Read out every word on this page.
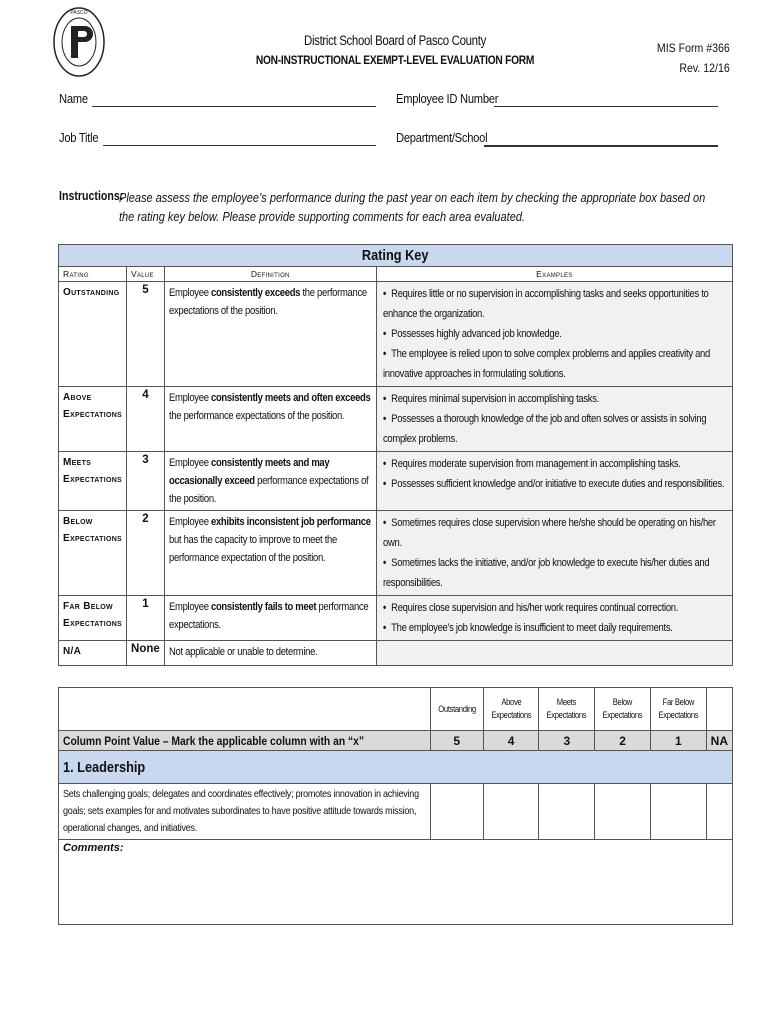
PASCO
District School Board of Pasco County
NON-INSTRUCTIONAL EXEMPT-LEVEL EVALUATION FORM
MIS Form #366
Rev. 12/16
Name	Employee ID Number
Job Title	Department/School
Instructions:
Please assess the employee’s performance during the past year on each item by checking the appropriate box based on the rating key below. Please provide supporting comments for each area evaluated.
Rating Key			
Rating	Value	Definition	Examples
Outstanding	5	Employee consistently exceeds the performance expectations of the position.	• Requires little or no supervision in accomplishing tasks and seeks opportunities to enhance the organization.
• Possesses highly advanced job knowledge.
• The employee is relied upon to solve complex problems and applies creativity and innovative approaches in formulating solutions.

Above Expectations	4	Employee consistently meets and often exceeds the performance expectations of the position.	• Requires minimal supervision in accomplishing tasks.
• Possesses a thorough knowledge of the job and often solves or assists in solving complex problems.

Meets Expectations	3	Employee consistently meets and may occasionally exceed performance expectations of the position.	• Requires moderate supervision from management in accomplishing tasks.
• Possesses sufficient knowledge and/or initiative to execute duties and responsibilities.

Below Expectations	2	Employee exhibits inconsistent job performance but has the capacity to improve to meet the performance expectation of the position.	• Sometimes requires close supervision where he/she should be operating on his/her own.
• Sometimes lacks the initiative, and/or job knowledge to execute his/her duties and responsibilities.

Far Below Expectations	1	Employee consistently fails to meet performance expectations.	• Requires close supervision and his/her work requires continual correction.
• The employee’s job knowledge is insufficient to meet daily requirements.

N/A	None	Not applicable or unable to determine.	
	Outstanding	Above Expectations	Meets Expectations	Below Expectations	Far Below Expectations	
Column Point Value – Mark the applicable column with an “x”	5	4	3	2	1	NA
1. Leadership						
Sets challenging goals; delegates and coordinates effectively; promotes innovation in achieving goals; sets examples for and motivates subordinates to have positive attitude towards mission, operational changes, and initiatives.						
Comments:						
